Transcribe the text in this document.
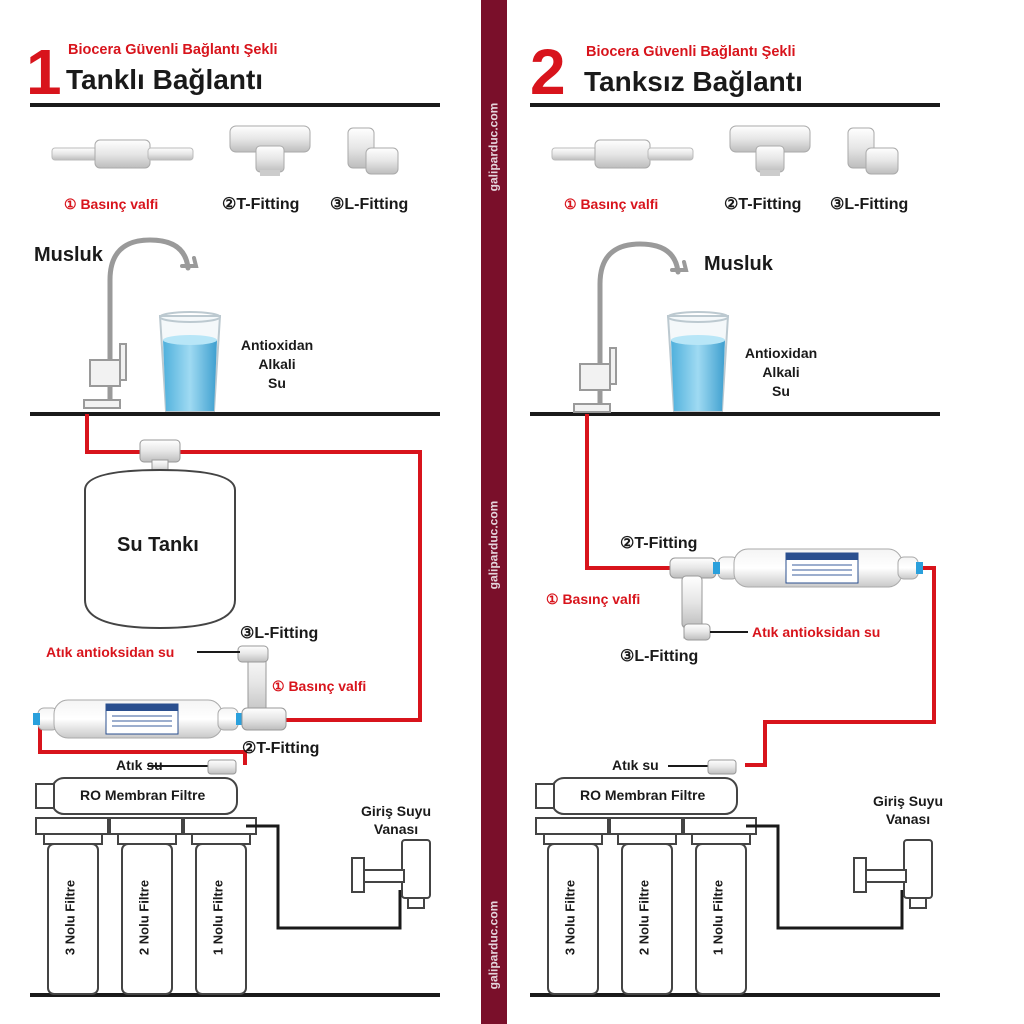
galiparduc.com
galiparduc.com
galiparduc.com
1 Biocera Güvenli Bağlantı Şekli
Tanklı Bağlantı
① Basınç valfi	②T-Fitting ③L-Fitting
Musluk
Antioxidan
Alkali
Su
Su Tankı
③L-Fitting
Atık antioksidan su
① Basınç valfi
②T-Fitting
Atık su
RO Membran Filtre
Giriş Suyu
Vanası
3 Nolu Filtre	2 Nolu Filtre	1 Nolu Filtre
2 Biocera Güvenli Bağlantı Şekli
Tanksız Bağlantı
① Basınç valfi	②T-Fitting ③L-Fitting
Musluk
Antioxidan
Alkali
Su
②T-Fitting
① Basınç valfi
Atık antioksidan su
③L-Fitting
Atık su
RO Membran Filtre	Giriş Suyu
Vanası
3 Nolu Filtre	2 Nolu Filtre	1 Nolu Filtre
